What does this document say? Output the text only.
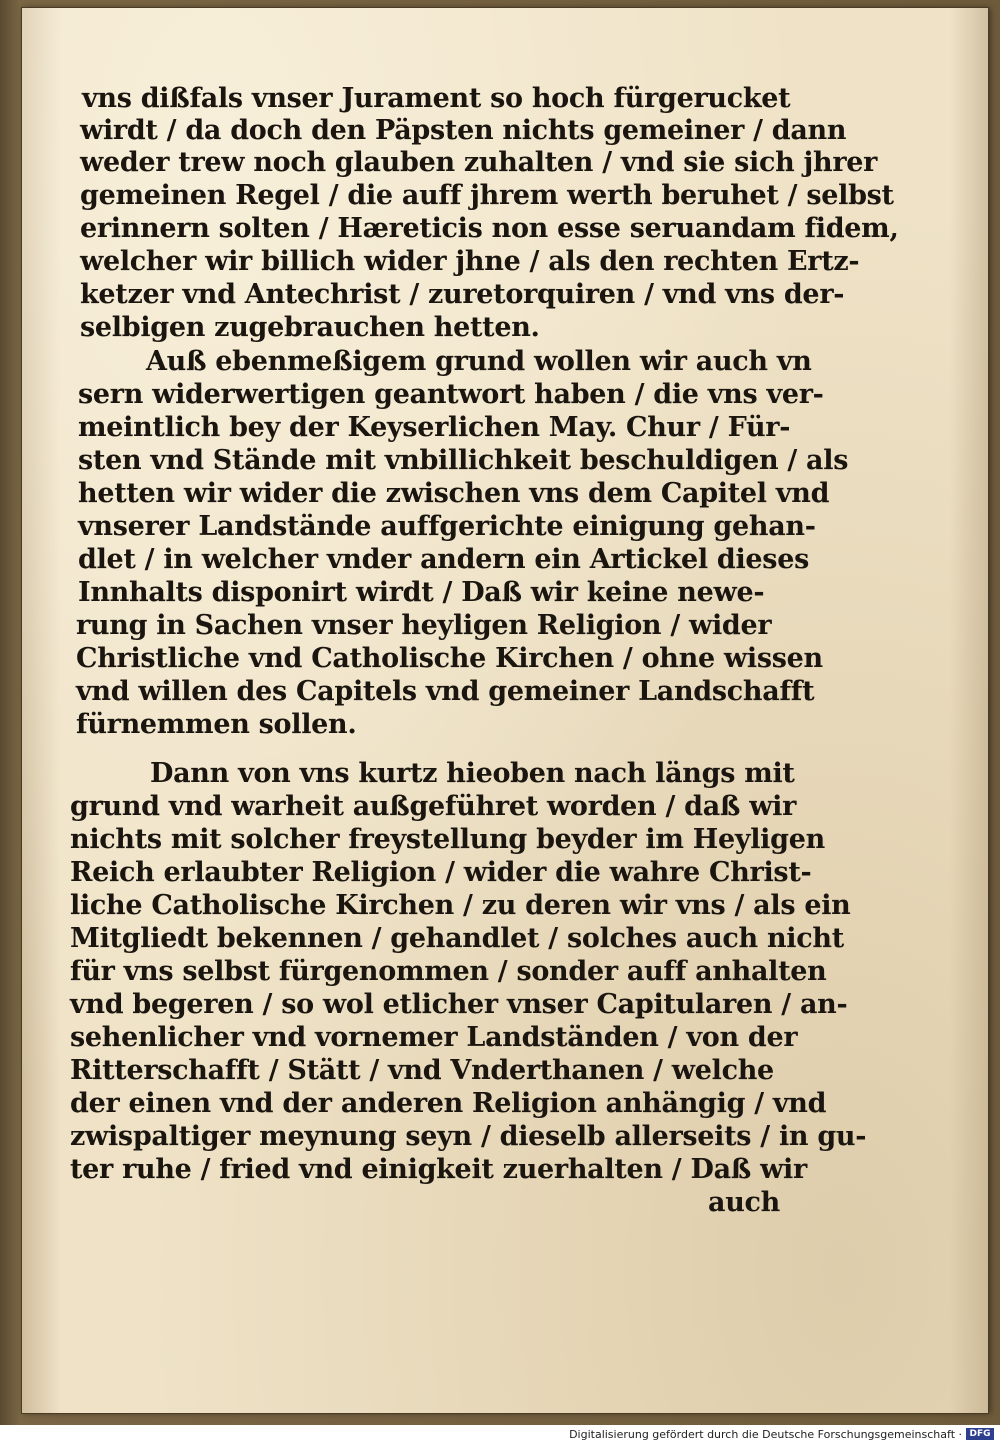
vns dißfals vnser Jurament so hoch fürgerucket
wirdt / da doch den Päpsten nichts gemeiner / dann
weder trew noch glauben zuhalten / vnd sie sich jhrer
gemeinen Regel / die auff jhrem werth beruhet / selbst
erinnern solten / Hæreticis non esse seruandam fidem,
welcher wir billich wider jhne / als den rechten Ertz-
ketzer vnd Antechrist / zuretorquiren / vnd vns der-
selbigen zugebrauchen hetten.
Auß ebenmeßigem grund wollen wir auch vn
sern widerwertigen geantwort haben / die vns ver-
meintlich bey der Keyserlichen May. Chur / Für-
sten vnd Stände mit vnbillichkeit beschuldigen / als
hetten wir wider die zwischen vns dem Capitel vnd
vnserer Landstände auffgerichte einigung gehan-
dlet / in welcher vnder andern ein Artickel dieses
Innhalts disponirt wirdt / Daß wir keine newe-
rung in Sachen vnser heyligen Religion / wider
Christliche vnd Catholische Kirchen / ohne wissen
vnd willen des Capitels vnd gemeiner Landschafft
fürnemmen sollen.
Dann von vns kurtz hieoben nach längs mit
grund vnd warheit außgeführet worden / daß wir
nichts mit solcher freystellung beyder im Heyligen
Reich erlaubter Religion / wider die wahre Christ-
liche Catholische Kirchen / zu deren wir vns / als ein
Mitgliedt bekennen / gehandlet / solches auch nicht
für vns selbst fürgenommen / sonder auff anhalten
vnd begeren / so wol etlicher vnser Capitularen / an-
sehenlicher vnd vornemer Landständen / von der
Ritterschafft / Stätt / vnd Vnderthanen / welche
der einen vnd der anderen Religion anhängig / vnd
zwispaltiger meynung seyn / dieselb allerseits / in gu-
ter ruhe / fried vnd einigkeit zuerhalten / Daß wir
auch
Digitalisierung gefördert durch die Deutsche Forschungsgemeinschaft · DFG
